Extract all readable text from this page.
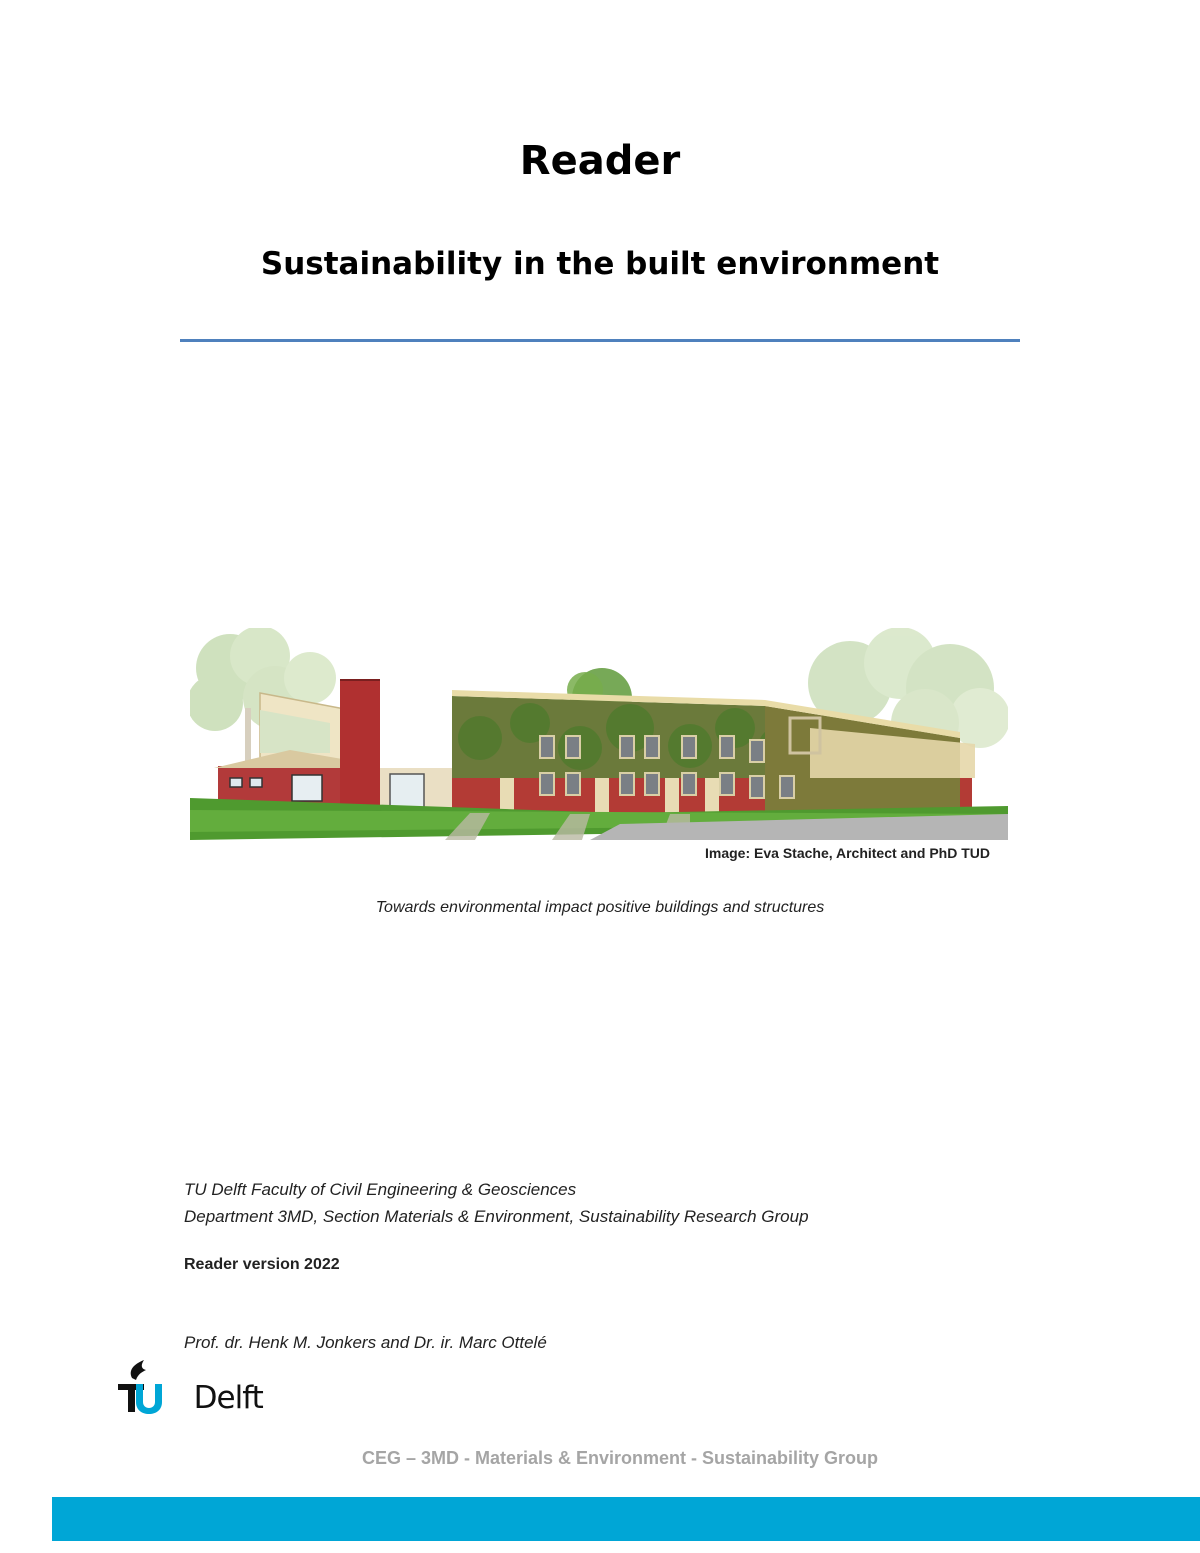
Reader
Sustainability in the built environment
Image: Eva Stache, Architect and PhD TUD
Towards environmental impact positive buildings and structures
TU Delft Faculty of Civil Engineering & Geosciences
Department 3MD, Section Materials & Environment, Sustainability Research Group
Reader version 2022
Prof. dr. Henk M. Jonkers and Dr. ir. Marc Ottelé
Delft
CEG – 3MD - Materials & Environment - Sustainability Group
